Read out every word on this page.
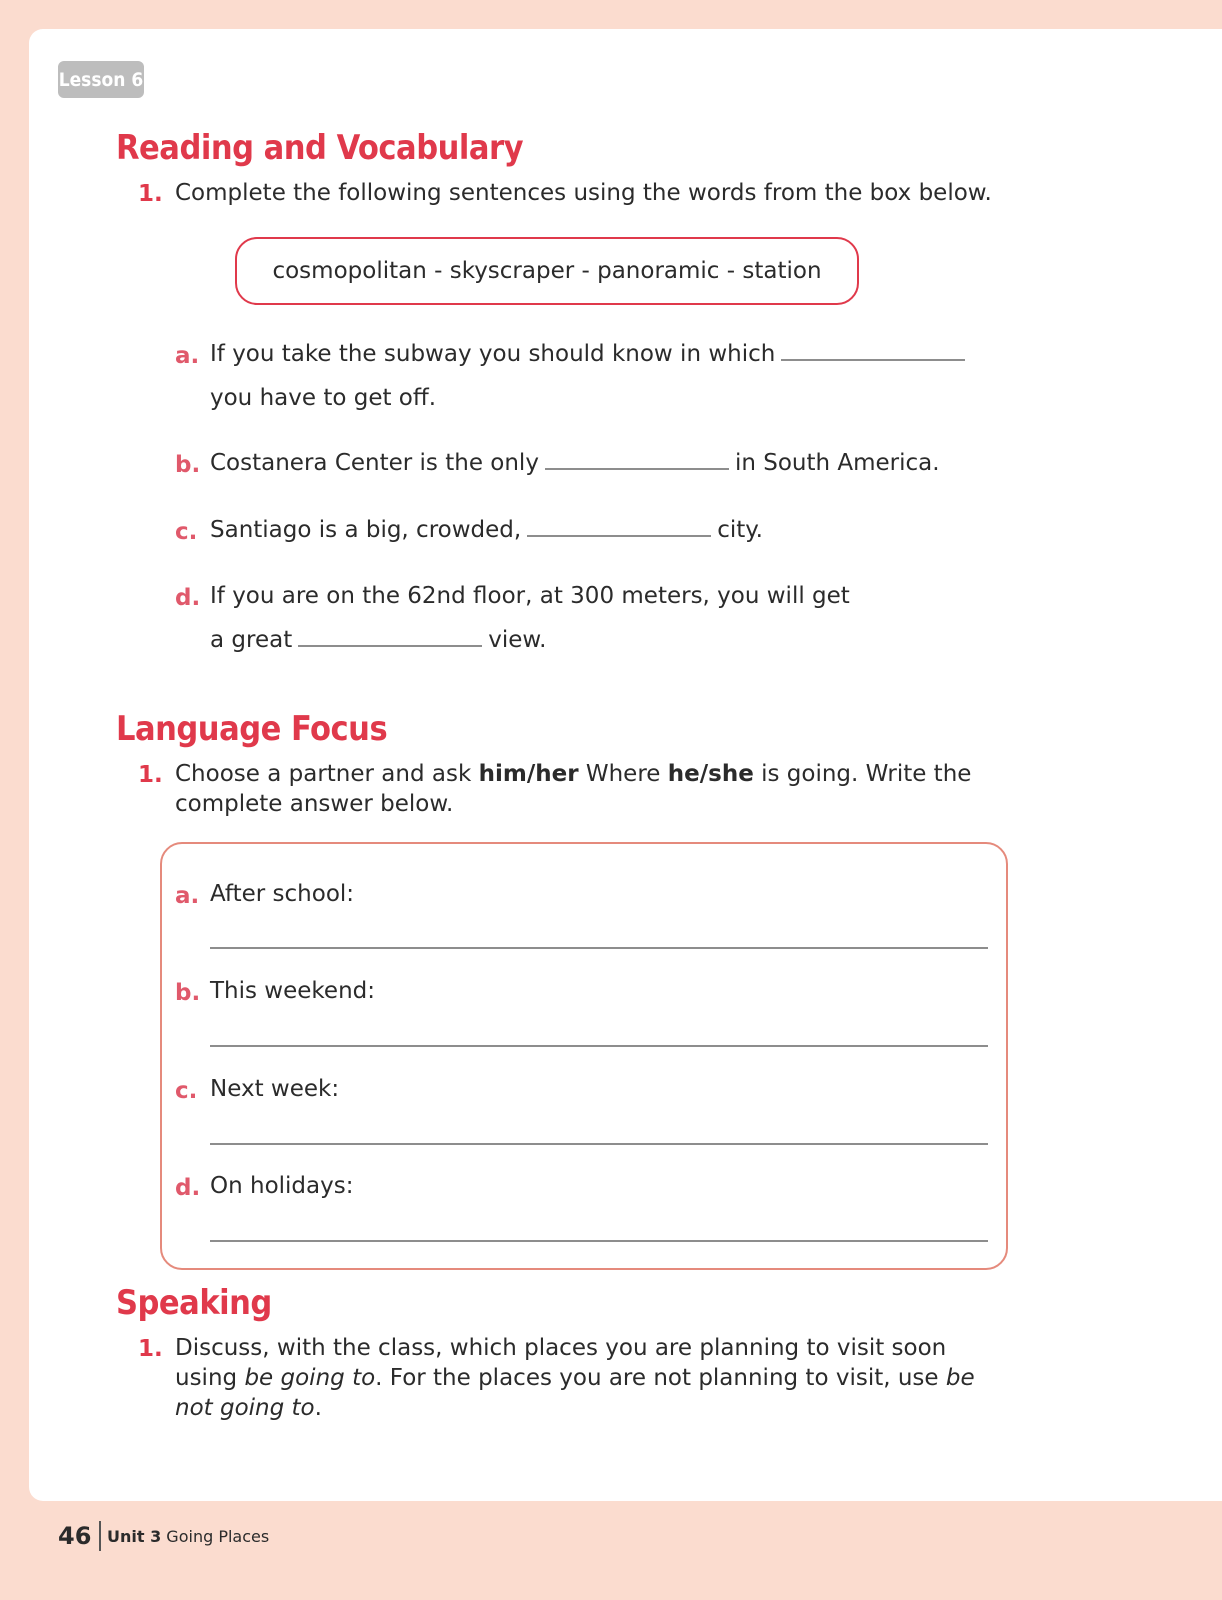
Lesson 6
Reading and Vocabulary
1. Complete the following sentences using the words from the box below.
cosmopolitan - skyscraper - panoramic - station
a. If you take the subway you should know in which
you have to get off.
b. Costanera Center is the only	in South America.
c. Santiago is a big, crowded,	city.
d. If you are on the 62nd floor, at 300 meters, you will get
a great	view.
Language Focus
1. Choose a partner and ask him/her Where he/she is going. Write the
complete answer below.
a. After school:
b. This weekend:
c. Next week:
d. On holidays:
Speaking
1. Discuss, with the class, which places you are planning to visit soon
using be going to. For the places you are not planning to visit, use be
not going to.
46 Unit 3 Going Places
